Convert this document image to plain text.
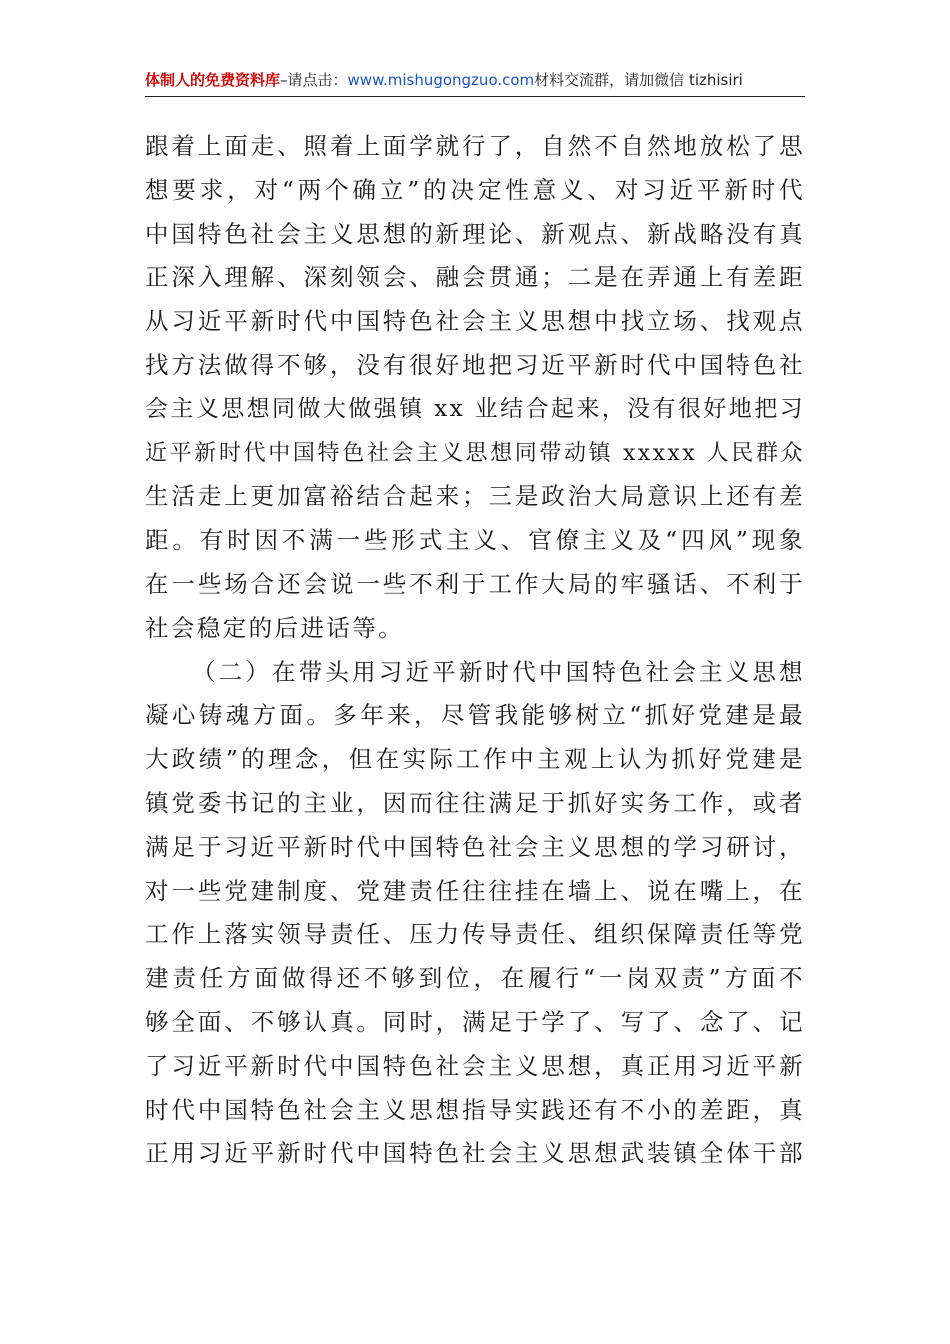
体制人的免费资料库–请点击：www.mishugongzuo.com材料交流群，请加微信 tizhisiri

跟着上面走、照着上面学就行了，自然不自然地放松了思
想要求，对“两个确立”的决定性意义、对习近平新时代
中国特色社会主义思想的新理论、新观点、新战略没有真
正深入理解、深刻领会、融会贯通；二是在弄通上有差距
从习近平新时代中国特色社会主义思想中找立场、找观点
找方法做得不够，没有很好地把习近平新时代中国特色社
会主义思想同做大做强镇 xx 业结合起来，没有很好地把习
近平新时代中国特色社会主义思想同带动镇 xxxxx 人民群众
生活走上更加富裕结合起来；三是政治大局意识上还有差
距。有时因不满一些形式主义、官僚主义及“四风”现象
在一些场合还会说一些不利于工作大局的牢骚话、不利于
社会稳定的后进话等。

（二）在带头用习近平新时代中国特色社会主义思想
凝心铸魂方面。多年来，尽管我能够树立“抓好党建是最
大政绩”的理念，但在实际工作中主观上认为抓好党建是
镇党委书记的主业，因而往往满足于抓好实务工作，或者
满足于习近平新时代中国特色社会主义思想的学习研讨，
对一些党建制度、党建责任往往挂在墙上、说在嘴上，在
工作上落实领导责任、压力传导责任、组织保障责任等党
建责任方面做得还不够到位，在履行“一岗双责”方面不
够全面、不够认真。同时，满足于学了、写了、念了、记
了习近平新时代中国特色社会主义思想，真正用习近平新
时代中国特色社会主义思想指导实践还有不小的差距，真
正用习近平新时代中国特色社会主义思想武装镇全体干部
